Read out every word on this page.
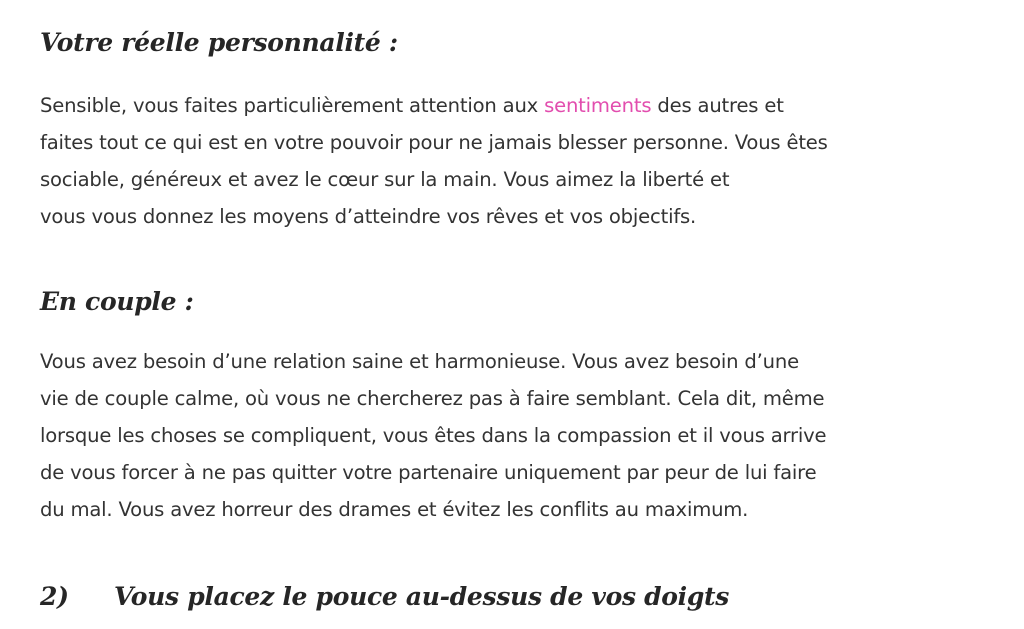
Votre réelle personnalité :

Sensible, vous faites particulièrement attention aux sentiments des autres et
faites tout ce qui est en votre pouvoir pour ne jamais blesser personne. Vous êtes
sociable, généreux et avez le cœur sur la main. Vous aimez la liberté et
vous vous donnez les moyens d’atteindre vos rêves et vos objectifs.

En couple :

Vous avez besoin d’une relation saine et harmonieuse. Vous avez besoin d’une
vie de couple calme, où vous ne chercherez pas à faire semblant. Cela dit, même
lorsque les choses se compliquent, vous êtes dans la compassion et il vous arrive
de vous forcer à ne pas quitter votre partenaire uniquement par peur de lui faire
du mal. Vous avez horreur des drames et évitez les conflits au maximum.

2) Vous placez le pouce au-dessus de vos doigts
